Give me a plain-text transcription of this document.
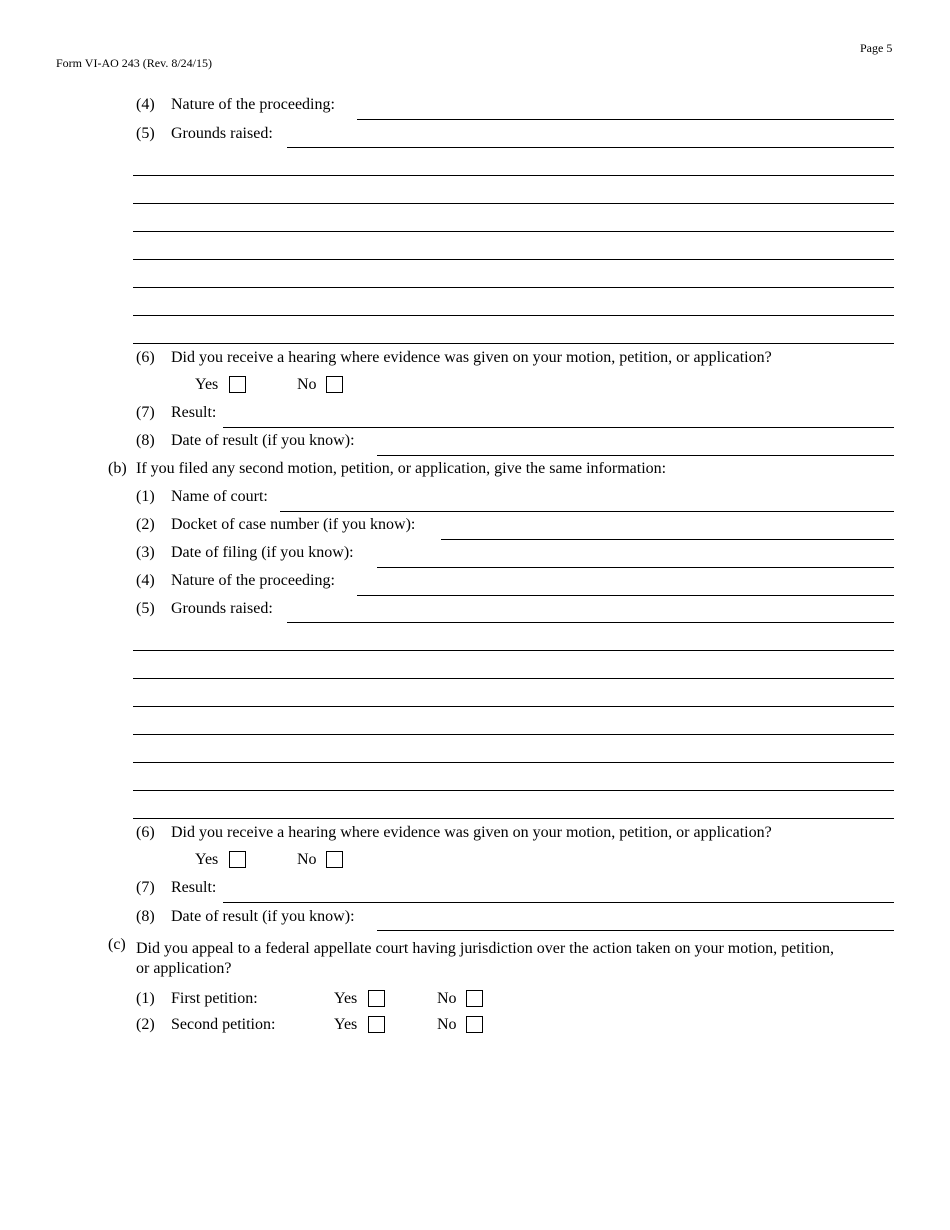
Form VI-AO 243 (Rev. 8/24/15)
Page 5
(4) Nature of the proceeding:
(5) Grounds raised:
(6) Did you receive a hearing where evidence was given on your motion, petition, or application?
Yes	No
(7) Result:
(8) Date of result (if you know):
(b) If you filed any second motion, petition, or application, give the same information:
(1) Name of court:
(2) Docket of case number (if you know):
(3) Date of filing (if you know):
(4) Nature of the proceeding:
(5) Grounds raised:
(6) Did you receive a hearing where evidence was given on your motion, petition, or application?
Yes	No
(7) Result:
(8) Date of result (if you know):
(c) Did you appeal to a federal appellate court having jurisdiction over the action taken on your motion, petition,
or application?
(1) First petition:	Yes	No
(2) Second petition:	Yes	No
